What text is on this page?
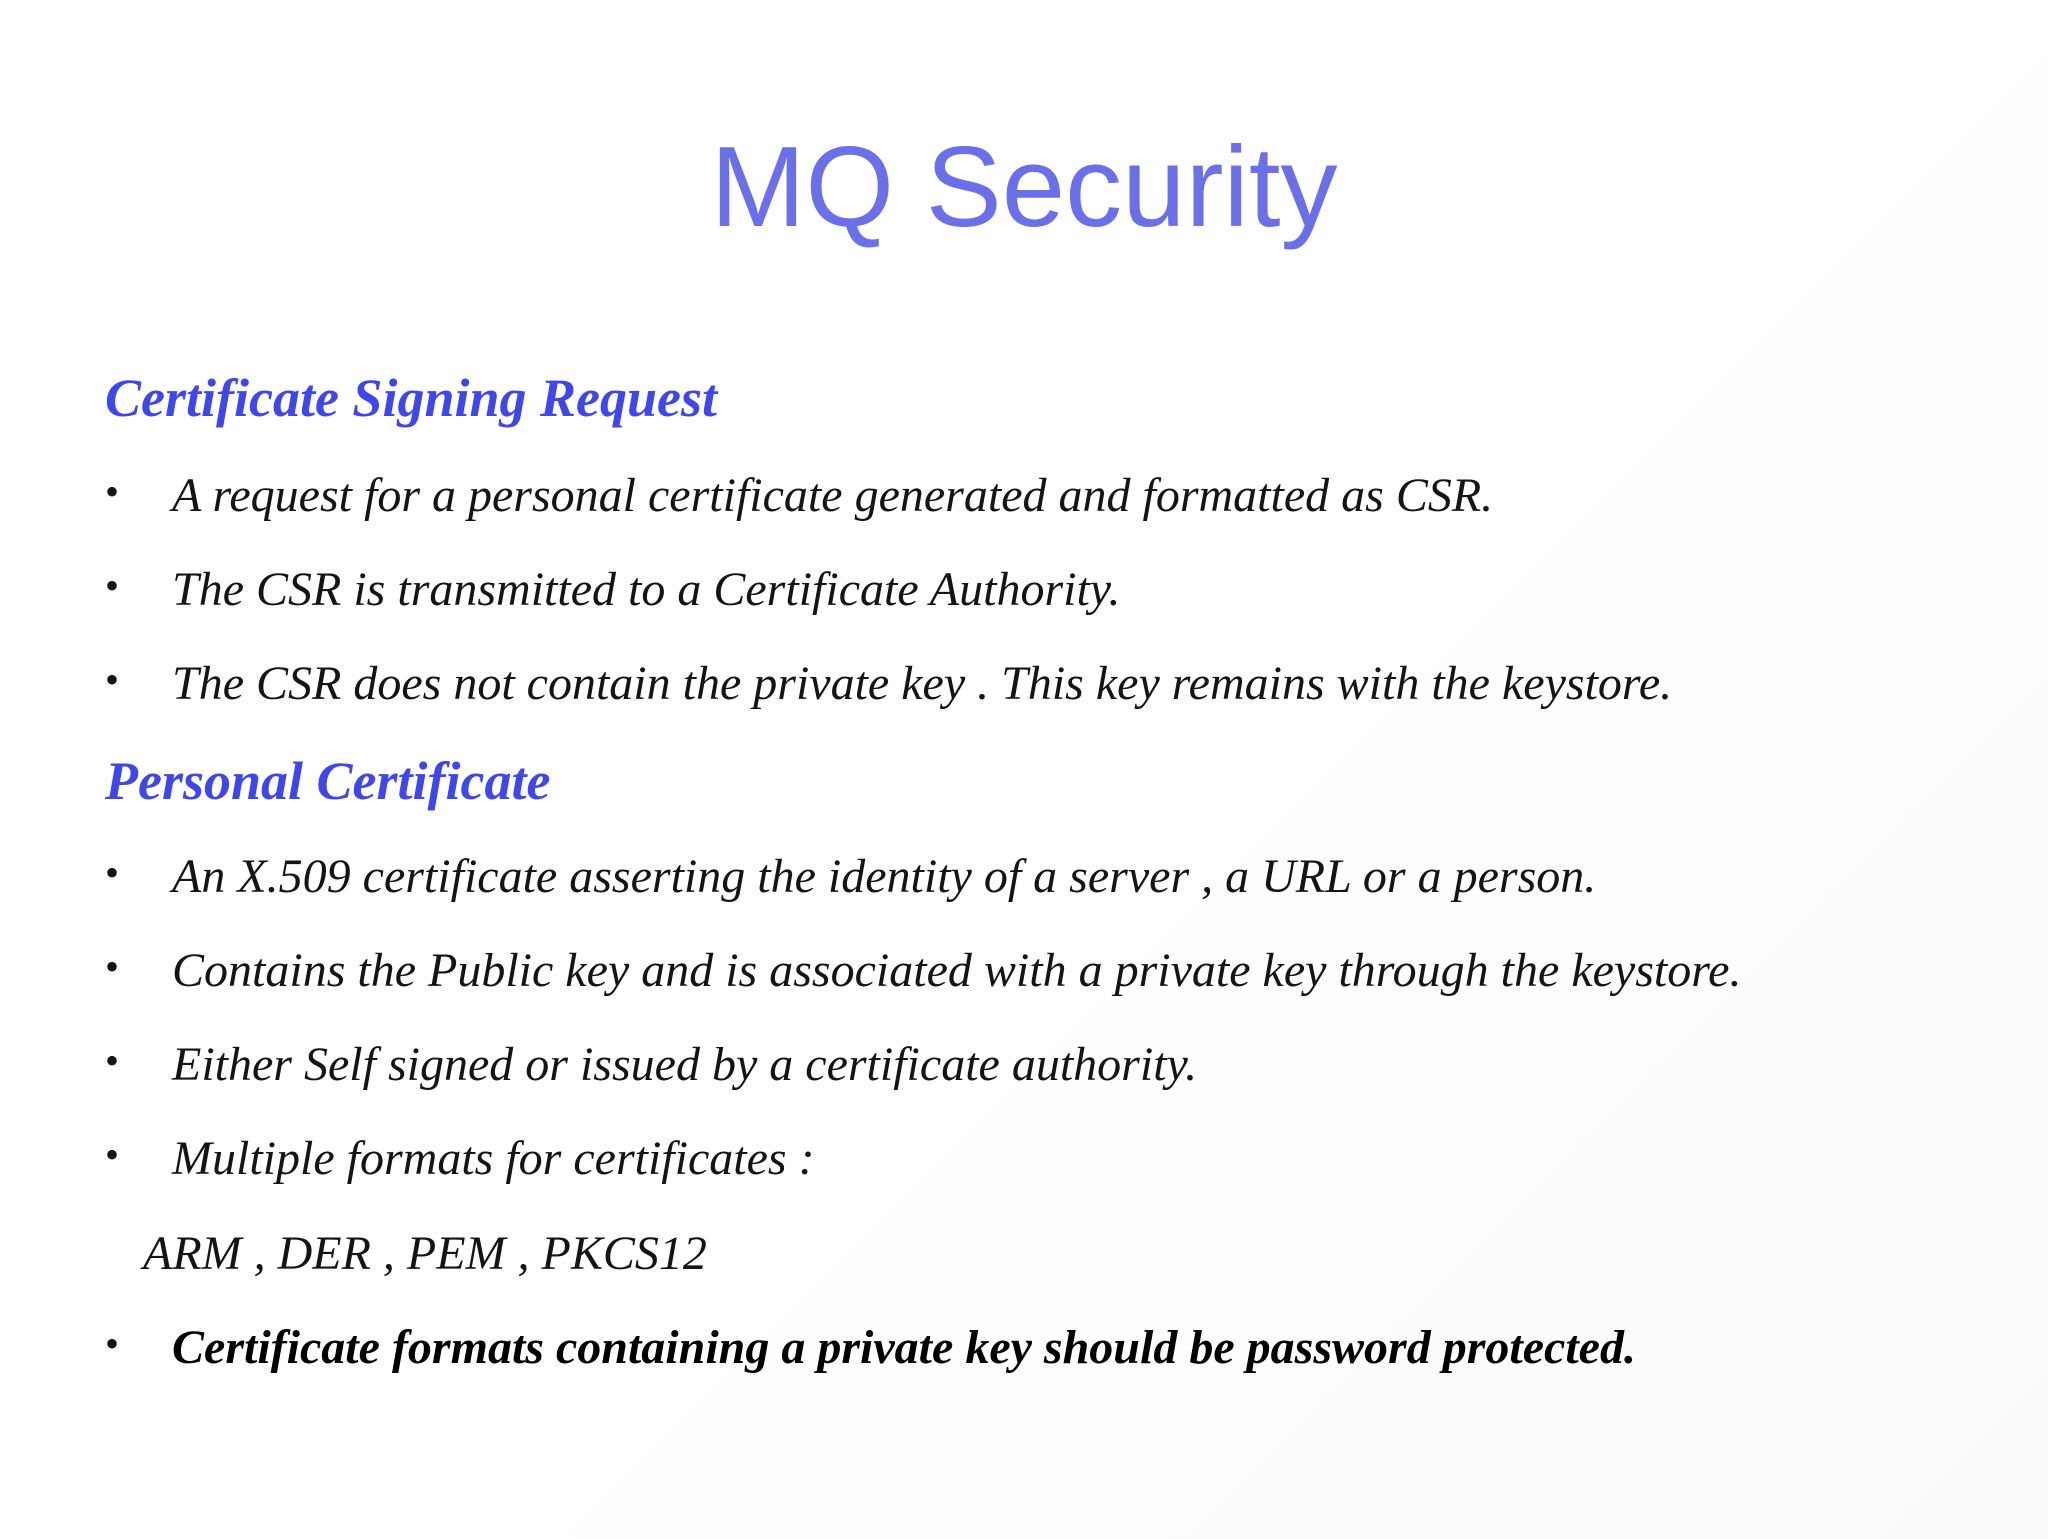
MQ Security
Certificate Signing Request
• A request for a personal certificate generated and formatted as CSR.
• The CSR is transmitted to a Certificate Authority.
• The CSR does not contain the private key . This key remains with the keystore.
Personal Certificate
• An X.509 certificate asserting the identity of a server , a URL or a person.
• Contains the Public key and is associated with a private key through the keystore.
• Either Self signed or issued by a certificate authority.
• Multiple formats for certificates :
ARM , DER , PEM , PKCS12
• Certificate formats containing a private key should be password protected.
